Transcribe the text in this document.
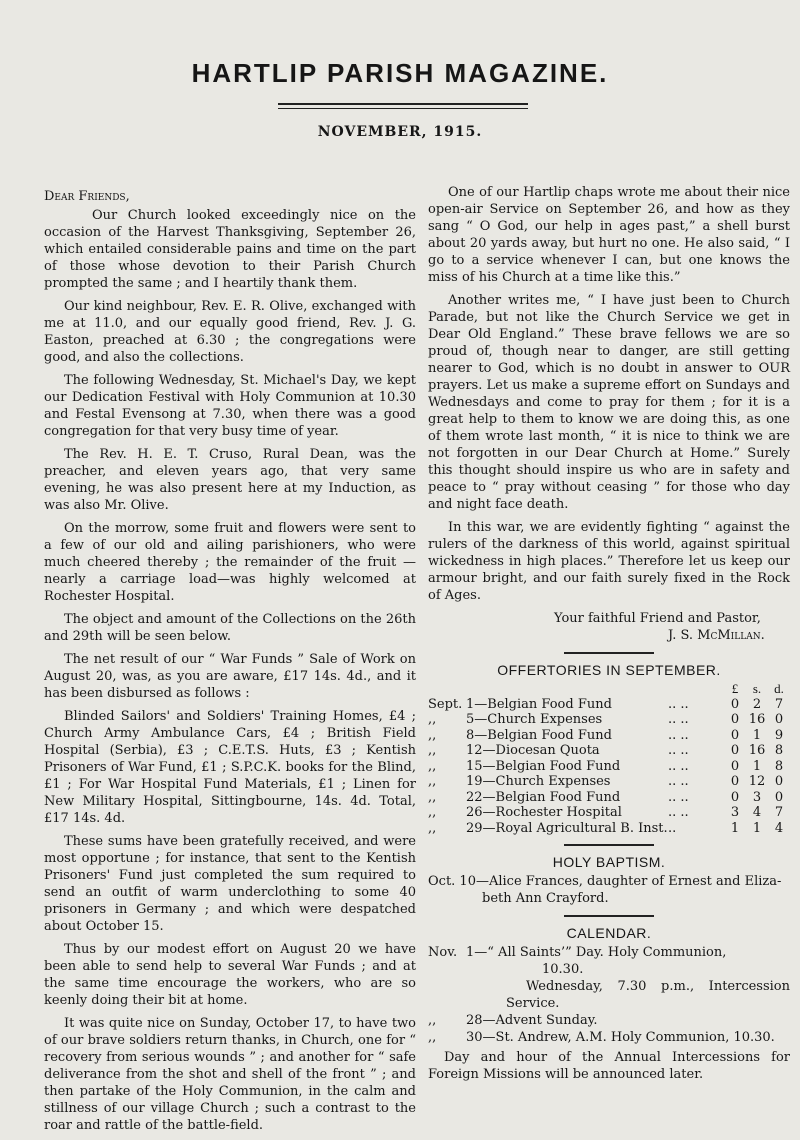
HARTLIP PARISH MAGAZINE.
NOVEMBER, 1915.

Dear Friends,

Our Church looked exceedingly nice on the occasion of the Harvest Thanksgiving, September 26, which entailed considerable pains and time on the part of those whose devotion to their Parish Church prompted the same ; and I heartily thank them.

Our kind neighbour, Rev. E. R. Olive, exchanged with me at 11.0, and our equally good friend, Rev. J. G. Easton, preached at 6.30 ; the congregations were good, and also the collections.

The following Wednesday, St. Michael's Day, we kept our Dedication Festival with Holy Communion at 10.30 and Festal Evensong at 7.30, when there was a good congregation for that very busy time of year.

The Rev. H. E. T. Cruso, Rural Dean, was the preacher, and eleven years ago, that very same evening, he was also present here at my Induction, as was also Mr. Olive.

On the morrow, some fruit and flowers were sent to a few of our old and ailing parishioners, who were much cheered thereby ; the remainder of the fruit —nearly a carriage load—was highly welcomed at Rochester Hospital.

The object and amount of the Collections on the 26th and 29th will be seen below.

The net result of our “ War Funds ” Sale of Work on August 20, was, as you are aware, £17 14s. 4d., and it has been disbursed as follows :

Blinded Sailors' and Soldiers' Training Homes, £4 ; Church Army Ambulance Cars, £4 ; British Field Hospital (Serbia), £3 ; C.E.T.S. Huts, £3 ; Kentish Prisoners of War Fund, £1 ; S.P.C.K. books for the Blind, £1 ; For War Hospital Fund Materials, £1 ; Linen for New Military Hospital, Sittingbourne, 14s. 4d. Total, £17 14s. 4d.

These sums have been gratefully received, and were most opportune ; for instance, that sent to the Kentish Prisoners' Fund just completed the sum required to send an outfit of warm underclothing to some 40 prisoners in Germany ; and which were despatched about October 15.

Thus by our modest effort on August 20 we have been able to send help to several War Funds ; and at the same time encourage the workers, who are so keenly doing their bit at home.

It was quite nice on Sunday, October 17, to have two of our brave soldiers return thanks, in Church, one for “ recovery from serious wounds ” ; and another for “ safe deliverance from the shot and shell of the front ” ; and then partake of the Holy Communion, in the calm and stillness of our village Church ; such a contrast to the roar and rattle of the battle-field.

One of our Hartlip chaps wrote me about their nice open-air Service on September 26, and how as they sang “ O God, our help in ages past,” a shell burst about 20 yards away, but hurt no one. He also said, “ I go to a service whenever I can, but one knows the miss of his Church at a time like this.”

Another writes me, “ I have just been to Church Parade, but not like the Church Service we get in Dear Old England.” These brave fellows we are so proud of, though near to danger, are still getting nearer to God, which is no doubt in answer to OUR prayers. Let us make a supreme effort on Sundays and Wednesdays and come to pray for them ; for it is a great help to them to know we are doing this, as one of them wrote last month, “ it is nice to think we are not forgotten in our Dear Church at Home.” Surely this thought should inspire us who are in safety and peace to “ pray without ceasing ” for those who day and night face death.

In this war, we are evidently fighting “ against the rulers of the darkness of this world, against spiritual wickedness in high places.” Therefore let us keep our armour bright, and our faith surely fixed in the Rock of Ages.

Your faithful Friend and Pastor,

J. S. McMillan.

OFFERTORIES IN SEPTEMBER.
			£	s.	d.
Sept.	1—Belgian Food Fund	.. ..	0	2	7
,,	5—Church Expenses	.. ..	0	16	0
,,	8—Belgian Food Fund	.. ..	0	1	9
,,	12—Diocesan Quota	.. ..	0	16	8
,,	15—Belgian Food Fund	.. ..	0	1	8
,,	19—Church Expenses	.. ..	0	12	0
,,	22—Belgian Food Fund	.. ..	0	3	0
,,	26—Rochester Hospital	.. ..	3	4	7
,,	29—Royal Agricultural B. Inst.	..	1	1	4
HOLY BAPTISM.

Oct. 10—Alice Frances, daughter of Ernest and Eliza-
beth Ann Crayford.

CALENDAR.

Nov. 1—“ All Saints’” Day. Holy Communion,

10.30.

Wednesday, 7.30 p.m., Intercession Service.

,, 28—Advent Sunday.

,, 30—St. Andrew, A.M. Holy Communion, 10.30.

Day and hour of the Annual Intercessions for Foreign Missions will be announced later.
